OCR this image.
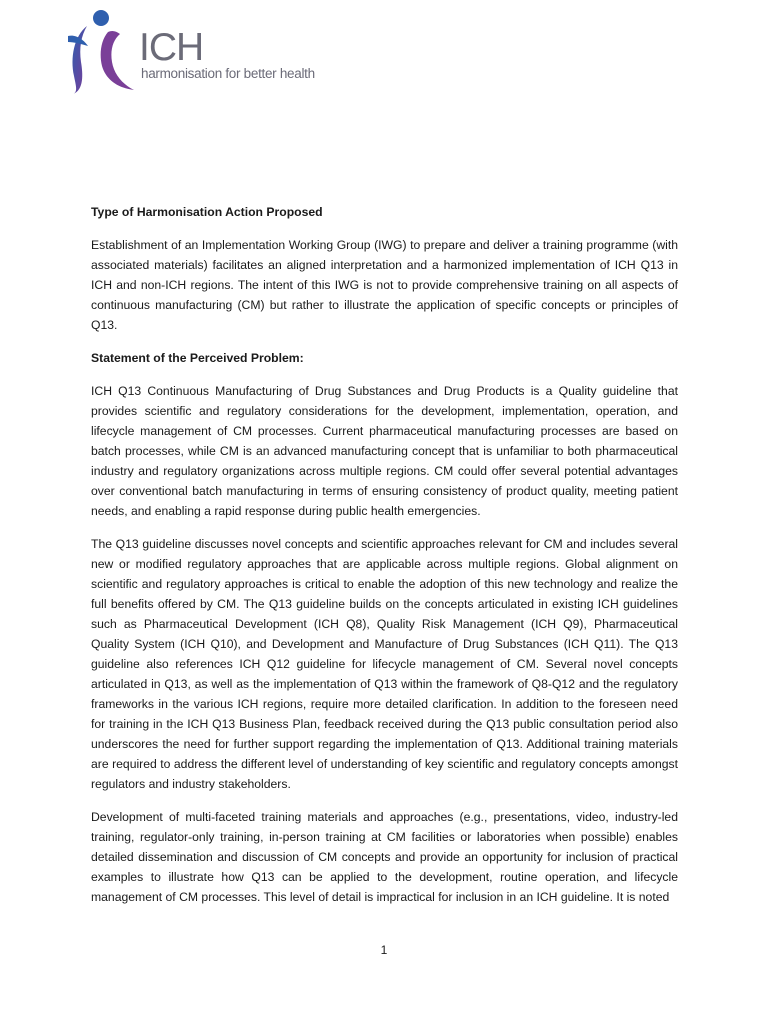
ICH
harmonisation for better health
Type of Harmonisation Action Proposed

Establishment of an Implementation Working Group (IWG) to prepare and deliver a training programme (with associated materials) facilitates an aligned interpretation and a harmonized implementation of ICH Q13 in ICH and non-ICH regions. The intent of this IWG is not to provide comprehensive training on all aspects of continuous manufacturing (CM) but rather to illustrate the application of specific concepts or principles of Q13.

Statement of the Perceived Problem:

ICH Q13 Continuous Manufacturing of Drug Substances and Drug Products is a Quality guideline that provides scientific and regulatory considerations for the development, implementation, operation, and lifecycle management of CM processes. Current pharmaceutical manufacturing processes are based on batch processes, while CM is an advanced manufacturing concept that is unfamiliar to both pharmaceutical industry and regulatory organizations across multiple regions. CM could offer several potential advantages over conventional batch manufacturing in terms of ensuring consistency of product quality, meeting patient needs, and enabling a rapid response during public health emergencies.

The Q13 guideline discusses novel concepts and scientific approaches relevant for CM and includes several new or modified regulatory approaches that are applicable across multiple regions. Global alignment on scientific and regulatory approaches is critical to enable the adoption of this new technology and realize the full benefits offered by CM. The Q13 guideline builds on the concepts articulated in existing ICH guidelines such as Pharmaceutical Development (ICH Q8), Quality Risk Management (ICH Q9), Pharmaceutical Quality System (ICH Q10), and Development and Manufacture of Drug Substances (ICH Q11). The Q13 guideline also references ICH Q12 guideline for lifecycle management of CM. Several novel concepts articulated in Q13, as well as the implementation of Q13 within the framework of Q8-Q12 and the regulatory frameworks in the various ICH regions, require more detailed clarification. In addition to the foreseen need for training in the ICH Q13 Business Plan, feedback received during the Q13 public consultation period also underscores the need for further support regarding the implementation of Q13. Additional training materials are required to address the different level of understanding of key scientific and regulatory concepts amongst regulators and industry stakeholders.

Development of multi-faceted training materials and approaches (e.g., presentations, video, industry-led training, regulator-only training, in-person training at CM facilities or laboratories when possible) enables detailed dissemination and discussion of CM concepts and provide an opportunity for inclusion of practical examples to illustrate how Q13 can be applied to the development, routine operation, and lifecycle management of CM processes. This level of detail is impractical for inclusion in an ICH guideline. It is noted

1
